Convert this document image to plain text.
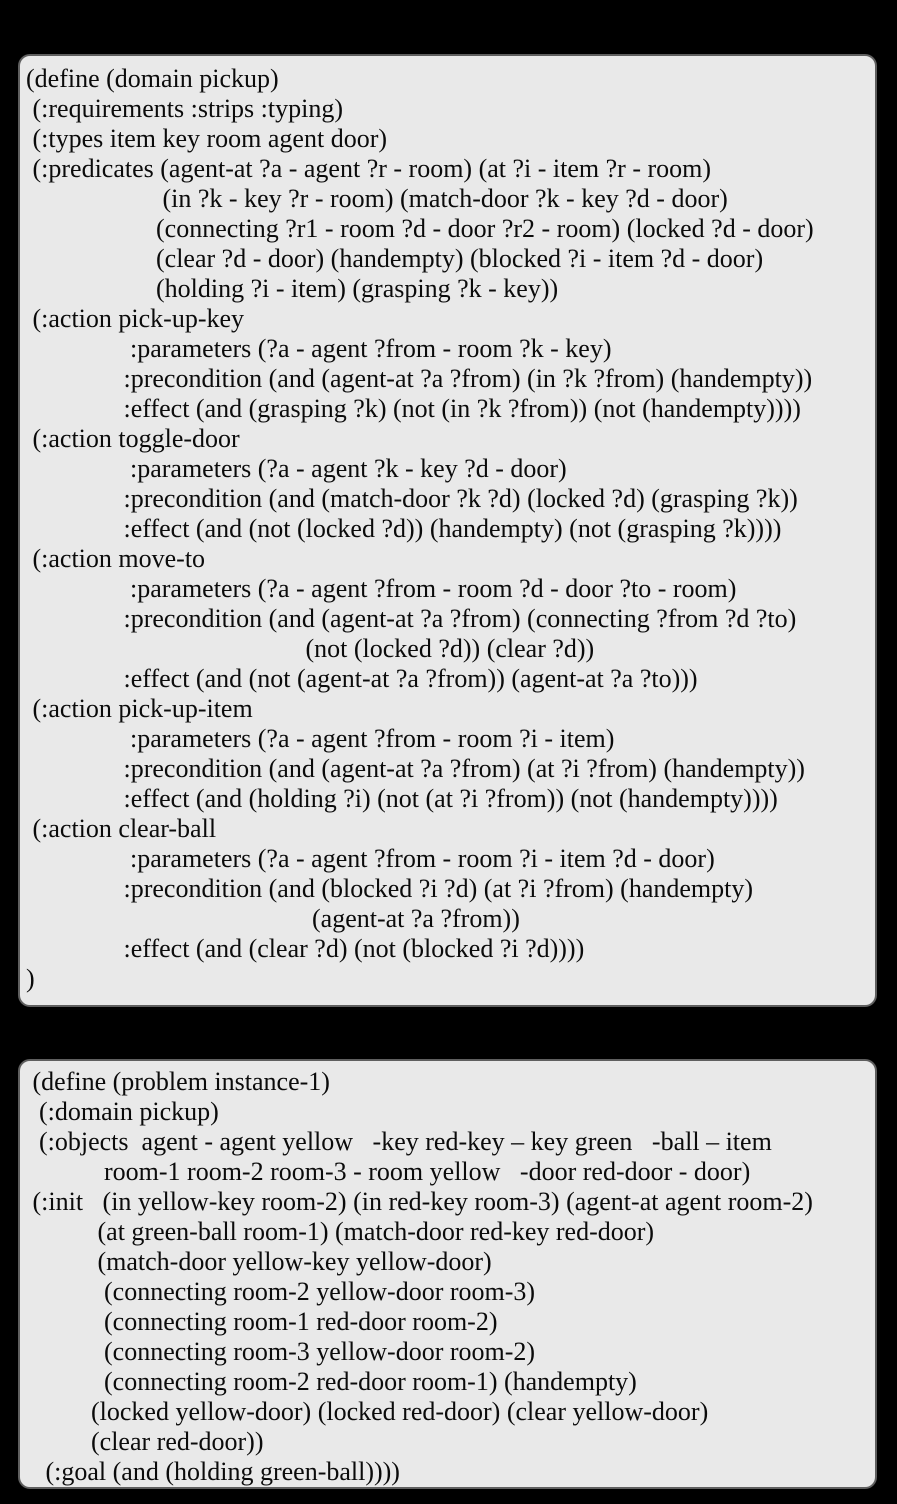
(define (domain pickup)
(:requirements :strips :typing)
(:types item key room agent door)
(:predicates (agent-at ?a - agent ?r - room) (at ?i - item ?r - room)
(in ?k - key ?r - room) (match-door ?k - key ?d - door)
(connecting ?r1 - room ?d - door ?r2 - room) (locked ?d - door)
(clear ?d - door) (handempty) (blocked ?i - item ?d - door)
(holding ?i - item) (grasping ?k - key))
(:action pick-up-key
:parameters (?a - agent ?from - room ?k - key)
:precondition (and (agent-at ?a ?from) (in ?k ?from) (handempty))
:effect (and (grasping ?k) (not (in ?k ?from)) (not (handempty))))
(:action toggle-door
:parameters (?a - agent ?k - key ?d - door)
:precondition (and (match-door ?k ?d) (locked ?d) (grasping ?k))
:effect (and (not (locked ?d)) (handempty) (not (grasping ?k))))
(:action move-to
:parameters (?a - agent ?from - room ?d - door ?to - room)
:precondition (and (agent-at ?a ?from) (connecting ?from ?d ?to)
(not (locked ?d)) (clear ?d))
:effect (and (not (agent-at ?a ?from)) (agent-at ?a ?to)))
(:action pick-up-item
:parameters (?a - agent ?from - room ?i - item)
:precondition (and (agent-at ?a ?from) (at ?i ?from) (handempty))
:effect (and (holding ?i) (not (at ?i ?from)) (not (handempty))))
(:action clear-ball
:parameters (?a - agent ?from - room ?i - item ?d - door)
:precondition (and (blocked ?i ?d) (at ?i ?from) (handempty)
(agent-at ?a ?from))
:effect (and (clear ?d) (not (blocked ?i ?d))))
)
(define (problem instance-1)
(:domain pickup)
(:objects  agent - agent yellow   -key red-key – key green   -ball – item
room-1 room-2 room-3 - room yellow   -door red-door - door)
(:init   (in yellow-key room-2) (in red-key room-3) (agent-at agent room-2)
(at green-ball room-1) (match-door red-key red-door)
(match-door yellow-key yellow-door)
(connecting room-2 yellow-door room-3)
(connecting room-1 red-door room-2)
(connecting room-3 yellow-door room-2)
(connecting room-2 red-door room-1) (handempty)
(locked yellow-door) (locked red-door) (clear yellow-door)
(clear red-door))
(:goal (and (holding green-ball))))
